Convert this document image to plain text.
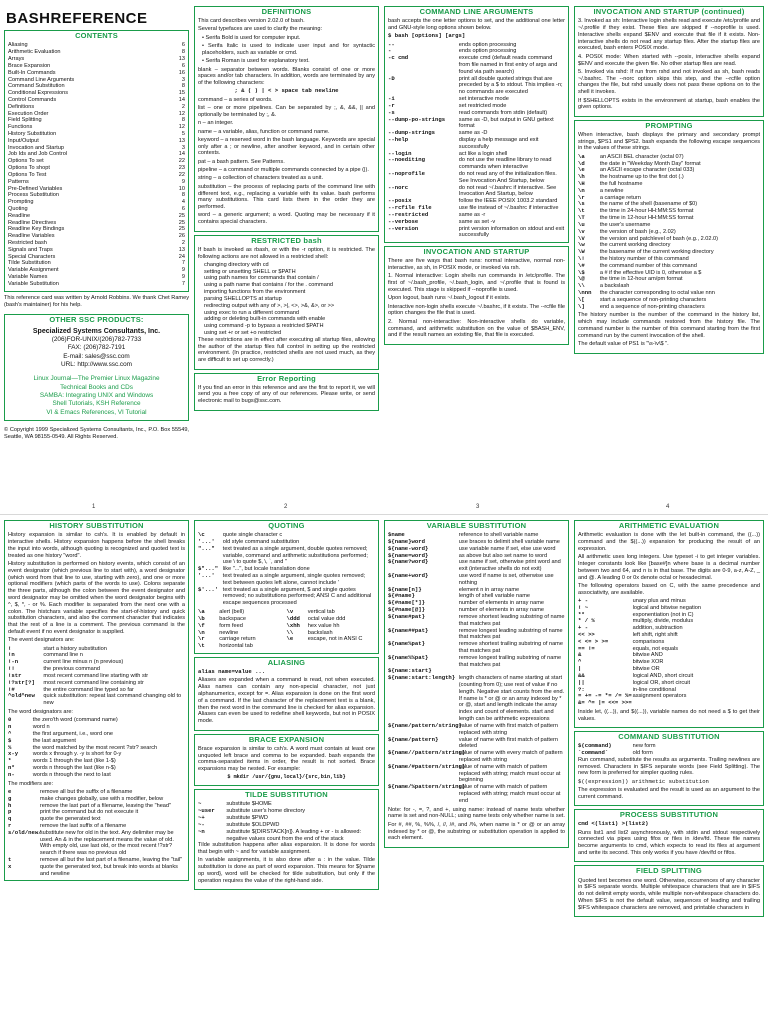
BASHREFERENCE
CONTENTS
Aliasing	6
Arithmetic Evaluation	8
Arrays	13
Brace Expansion	6
Built-In Commands	16
Command Line Arguments	3
Command Substitution	8
Conditional Expressions	15
Control Commands	14
Definitions	2
Execution Order	12
Field Splitting	8
Functions	12
History Substitution	5
Input/Output	13
Invocation and Startup	3
Job Ids and Job Control	14
Options To set	22
Options To shopt	23
Options To Test	22
Patterns	9
Pre-Defined Variables	10
Process Substitution	8
Prompting	4
Quoting	6
Readline	25
Readline Directives	25
Readline Key Bindings	25
Readline Variables	26
Restricted bash	2
Signals and Traps	13
Special Characters	24
Tilde Substitution	7
Variable Assignment	9
Variable Names	9
Variable Substitution	7

This reference card was written by Arnold Robbins. We thank Chet Ramey (bash's maintainer) for his help.

OTHER SSC PRODUCTS:
Specialized Systems Consultants, Inc.
(206)FOR-UNIX/(206)782-7733
FAX: (206)782-7191
E-mail: sales@ssc.com
URL: http://www.ssc.com
Linux Journal—The Premier Linux Magazine
Technical Books and CDs
SAMBA: Integrating UNIX and Windows
Shell Tutorials, KSH Reference
VI & Emacs References, VI Tutorial

© Copyright 1999 Specialized Systems Consultants, Inc., P.O. Box 55549, Seattle, WA 98155-0549. All Rights Reserved.

DEFINITIONS

This card describes version 2.02.0 of bash.

Several typefaces are used to clarify the meaning:

• Serifa Bold is used for computer input.

• Serifa Italic is used to indicate user input and for syntactic placeholders, such as variable or cmd.

• Serifa Roman is used for explanatory text.

blank – separator between words. Blanks consist of one or more spaces and/or tab characters. In addition, words are terminated by any of the following characters:

; & ( ) | < > space tab newline

command – a series of words.

list – one or more pipelines. Can be separated by ;, &, &&, || and optionally be terminated by ;, &.

n – an integer.

name – a variable, alias, function or command name.

keyword – a reserved word in the bash language. Keywords are special only after a ; or newline, after another keyword, and in certain other contexts.

pat – a bash pattern. See Patterns.

pipeline – a command or multiple commands connected by a pipe (|).

string – a collection of characters treated as a unit.

substitution – the process of replacing parts of the command line with different text, e.g., replacing a variable with its value. bash performs many substitutions. This card lists them in the order they are performed.

word – a generic argument; a word. Quoting may be necessary if it contains special characters.

RESTRICTED bash

If bash is invoked as rbash, or with the -r option, it is restricted. The following actions are not allowed in a restricted shell:

changing directory with cd
setting or unsetting SHELL or $PATH
using path names for commands that contain /
using a path name that contains / for the . command
importing functions from the environment
parsing SHELLOPTS at startup
redirecting output with any of >, >|, <>, >&, &>, or >>
using exec to run a different command
adding or deleting built-in commands with enable
using command -p to bypass a restricted $PATH
using set +r or set +o restricted

These restrictions are in effect after executing all startup files, allowing the author of the startup files full control in setting up the restricted environment. (In practice, restricted shells are not used much, as they are difficult to set up correctly.)

Error Reporting

If you find an error in this reference and are the first to report it, we will send you a free copy of any of our references. Please write, or send electronic mail to bugs@ssc.com.

COMMAND LINE ARGUMENTS

bash accepts the one letter options to set, and the additional one letter and GNU-style long options shown below.

$ bash [options] [args]

--	ends option processing
-	ends option processing
-c cmd	execute cmd (default reads command from file named in first entry of args and found via path search)
-D	print all double quoted strings that are preceded by a $ to stdout. This implies -n; no commands are executed
-i	set interactive mode
-r	set restricted mode
-s	read commands from stdin (default)
--dump-po-strings	same as -D, but output in GNU gettext format
--dump-strings	same as -D
--help	display a help message and exit successfully
--login	act like a login shell
--noediting	do not use the readline library to read commands when interactive
--noprofile	do not read any of the initialization files. See Invocation And Startup, below
--norc	do not read ~/.bashrc if interactive. See Invocation And Startup, below
--posix	follow the IEEE POSIX 1003.2 standard
--rcfile file	use file instead of ~/.bashrc if interactive
--restricted	same as -r
--verbose	same as set -v
--version	print version information on stdout and exit successfully
INVOCATION AND STARTUP

There are five ways that bash runs: normal interactive, normal non-interactive, as sh, in POSIX mode, or invoked via rsh.

1. Normal interactive: Login shells run commands in /etc/profile. The first of ~/.bash_profile, ~/.bash_login, and ~/.profile that is found is executed. This stage is skipped if --noprofile is used.

Upon logout, bash runs ~/.bash_logout if it exists.

Interactive non-login shells execute ~/.bashrc, if it exists. The --rcfile file option changes the file that is used.

2. Normal non-interactive: Non-interactive shells do variable, command, and arithmetic substitution on the value of $BASH_ENV, and if the result names an existing file, that file is executed.

INVOCATION AND STARTUP (continued)

3. Invoked as sh: Interactive login shells read and execute /etc/profile and ~/.profile if they exist. These files are skipped if --noprofile is used. Interactive shells expand $ENV and execute that file if it exists. Non-interactive shells do not read any startup files. After the startup files are executed, bash enters POSIX mode.

4. POSIX mode: When started with --posix, interactive shells expand $ENV and execute the given file. No other startup files are read.

5. Invoked via rshd: If run from rshd and not invoked as sh, bash reads ~/.bashrc. The --norc option skips this step, and the --rcfile option changes the file, but rshd usually does not pass these options on to the shell it invokes.

If $SHELLOPTS exists in the environment at startup, bash enables the given options.

PROMPTING

When interactive, bash displays the primary and secondary prompt strings, $PS1 and $PS2. bash expands the following escape sequences in the values of these strings.

\a	an ASCII BEL character (octal 07)
\d	the date in "Weekday Month Day" format
\e	an ASCII escape character (octal 033)
\h	the hostname up to the first dot (.)
\H	the full hostname
\n	a newline
\r	a carriage return
\s	the name of the shell (basename of $0)
\t	the time in 24-hour HH:MM:SS format
\T	the time in 12-hour HH:MM:SS format
\u	the user's username
\v	the version of bash (e.g., 2.02)
\V	the version and patchlevel of bash (e.g., 2.02.0)
\w	the current working directory
\W	the basename of the current working directory
\!	the history number of this command
\#	the command number of this command
\$	a # if the effective UID is 0, otherwise a $
\@	the time in 12-hour am/pm format
\\	a backslash
\nnn	the character corresponding to octal value nnn
\[	start a sequence of non-printing characters
\]	end a sequence of non-printing characters

The history number is the number of the command in the history list, which may include commands restored from the history file. The command number is the number of this command starting from the first command run by the current invocation of the shell.

The default value of PS1 is "\s-\v\$ ".

1	2	3	4
HISTORY SUBSTITUTION

History expansion is similar to csh's. It is enabled by default in interactive shells. History expansion happens before the shell breaks the input into words, although quoting is recognized and quoted text is treated as one history "word".

History substitution is performed on history events, which consist of an event designator (which previous line to start with), a word designator (which word from that line to use, starting with zero), and one or more optional modifiers (which parts of the words to use). Colons separate the three parts, although the colon between the event designator and word designator may be omitted when the word designator begins with ^, $, *, - or %. Each modifier is separated from the next one with a colon. The histchars variable specifies the start-of-history and quick substitution characters, and also the comment character that indicates that the rest of a line is a comment. The previous command is the default event if no event designator is supplied.

The event designators are:

!	start a history substitution
!n	command line n
!-n	current line minus n (n previous)
!!	the previous command
!str	most recent command line starting with str
!?str[?]	most recent command line containing str
!#	the entire command line typed so far
^old^new	quick substitution: repeat last command changing old to new

The word designators are:

0	the zero'th word (command name)
n	word n
^	the first argument, i.e., word one
$	the last argument
%	the word matched by the most recent ?str? search
x-y	words x through y. -y is short for 0-y
*	words 1 through the last (like 1-$)
n*	words n through the last (like n-$)
n-	words n through the next to last

The modifiers are:

e	remove all but the suffix of a filename
g	make changes globally, use with s modifier, below
h	remove the last part of a filename, leaving the "head"
p	print the command but do not execute it
q	quote the generated text
r	remove the last suffix of a filename
s/old/new/
substitute new for old in the text. Any delimiter may be used. An & in the replacement means the value of old. With empty old, use last old, or the most recent !?str? search if there was no previous old
t	remove all but the last part of a filename, leaving the "tail"
x	quote the generated text, but break into words at blanks and newline
QUOTING
\c	quote single character c
'...'	old style command substitution
"..."	text treated as a single argument, double quotes removed; variable, command and arithmetic substitutions performed; use \ to quote $, \, `, and "
$"..." like "...", but locale translation done
'...'	text treated as a single argument, single quotes removed; text between quotes left alone, cannot include '
$'...' text treated as a single argument, $ and single quotes removed; no substitutions performed; ANSI C and additional escape sequences processed
\a	alert (bell)	\v	vertical tab
\b	backspace	\ddd	octal value ddd
\f	form feed	\xhh	hex value hh
\n	newline	\\	backslash
\r	carriage return	\e	escape, not in ANSI C
\t	horizontal tab
ALIASING

alias name=value ...

Aliases are expanded when a command is read, not when executed. Alias names can contain any non-special character, not just alphanumerics, except for =. Alias expansion is done on the first word of a command. If the last character of the replacement text is a blank, then the next word in the command line is checked for alias expansion. Aliases can even be used to redefine shell keywords, but not in POSIX mode.

BRACE EXPANSION

Brace expansion is similar to csh's. A word must contain at least one unquoted left brace and comma to be expanded. bash expands the comma-separated items in order, the result is not sorted. Brace expansions may be nested. For example:

$ mkdir /usr/{gnu,local}/{src,bin,lib}

TILDE SUBSTITUTION
~	substitute $HOME
~user	substitute user's home directory
~+	substitute $PWD
~-	substitute $OLDPWD
~n	substitute ${DIRSTACK[n]}. A leading + or - is allowed: negative values count from the end of the stack

Tilde substitution happens after alias expansion. It is done for words that begin with ~ and for variable assignment.

In variable assignments, it is also done after a : in the value. Tilde substitution is done as part of word expansion. This means for ${name op word}, word will be checked for tilde substitution, but only if the operation requires the value of the right-hand side.

VARIABLE SUBSTITUTION
$name	reference to shell variable name
${name}word	use braces to delimit shell variable name
${name-word}	use variable name if set, else use word
${name=word}	as above but also set name to word
${name?word}	use name if set, otherwise print word and exit (interactive shells do not exit)
${name+word}	use word if name is set, otherwise use nothing
${name[n]}	element n in array name
${#name}	length of shell variable name
${#name[*]}	number of elements in array name
${#name[@]}	number of elements in array name
${name#pat}	remove shortest leading substring of name that matches pat
${name##pat}	remove longest leading substring of name that matches pat
${name%pat}	remove shortest trailing substring of name that matches pat
${name%%pat}	remove longest trailing substring of name that matches pat
${name:start}
${name:start:length} length characters of name starting at start (counting from 0); use rest of value if no length. Negative start counts from the end. If name is * or @ or an array indexed by * or @, start and length indicate the array index and count of elements. start and length can be arithmetic expressions
${name/pattern/string}
value of name with first match of pattern replaced with string
${name/pattern}	value of name with first match of pattern deleted
${name//pattern/string}
value of name with every match of pattern replaced with string
${name/#pattern/string}
value of name with match of pattern replaced with string; match must occur at beginning
${name/%pattern/string}
value of name with match of pattern replaced with string; match must occur at end

Note: for -, =, ?, and +, using name: instead of name tests whether name is set and non-NULL; using name tests only whether name is set.

For #, ##, %, %%, /, //, /#, and /%, when name is * or @ or an array indexed by * or @, the substring or substitution operation is applied to each element.

ARITHMETIC EVALUATION

Arithmetic evaluation is done with the let built-in command, the ((...)) command and the $((...)) expansion for producing the result of an expression.

All arithmetic uses long integers. Use typeset -i to get integer variables. Integer constants look like [base#]n where base is a decimal number between two and 64, and n is in that base. The digits are 0-9, a-z, A-Z, _ and @. A leading 0 or 0x denote octal or hexadecimal.

The following operators based on C, with the same precedence and associativity, are available.

+ -	unary plus and minus
! ~	logical and bitwise negation
**	exponentiation (not in C)
* / %	multiply, divide, modulus
+ -	addition, subtraction
<< >>	left shift, right shift
< <= > >=	comparisons
== !=	equals, not equals
&	bitwise AND
^	bitwise XOR
|	bitwise OR
&&	logical AND, short circuit
||	logical OR, short circuit
?:	in-line conditional
= += -= *= /= %= &= ^= |= <<= >>=
assignment operators

Inside let, ((...)), and $((...)), variable names do not need a $ to get their values.

COMMAND SUBSTITUTION
$(command)	new form
`command`	old form

Run command, substitute the results as arguments. Trailing newlines are removed. Characters in $IFS separate words (see Field Splitting). The new form is preferred for simpler quoting rules.

$((expression)) arithmetic substitution

The expression is evaluated and the result is used as an argument to the current command.

PROCESS SUBSTITUTION

cmd <(list1) >(list2)

Runs list1 and list2 asynchronously, with stdin and stdout respectively connected via pipes using fifos or files in /dev/fd. These file names become arguments to cmd, which expects to read its files at argument and write its second. This only works if you have /dev/fd or fifos.

FIELD SPLITTING

Quoted text becomes one word. Otherwise, occurrences of any character in $IFS separate words. Multiple whitespace characters that are in $IFS do not delimit empty words, while multiple non-whitespace characters do. When $IFS is not the default value, sequences of leading and trailing $IFS whitespace characters are removed, and printable characters in
